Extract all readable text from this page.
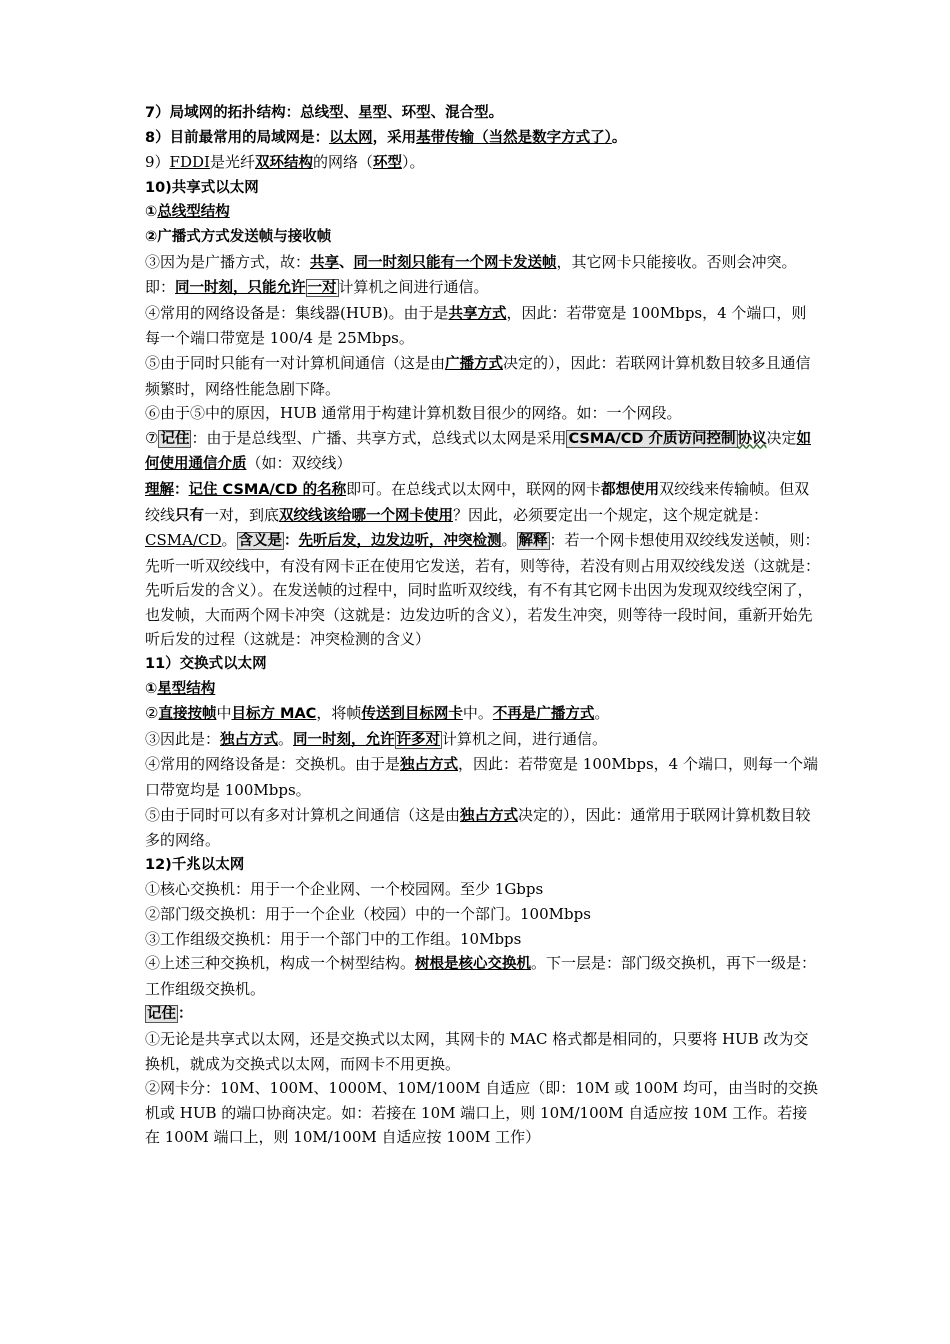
7）局域网的拓扑结构：总线型、星型、环型、混合型。

8）目前最常用的局域网是：以太网，采用基带传输（当然是数字方式了）。

9）FDDI是光纤双环结构的网络（环型）。

10)共享式以太网

①总线型结构

②广播式方式发送帧与接收帧

③因为是广播方式，故：共享、同一时刻只能有一个网卡发送帧，其它网卡只能接收。否则会冲突。即：同一时刻，只能允许 一对 计算机之间进行通信。

④常用的网络设备是：集线器(HUB)。由于是共享方式，因此：若带宽是 100Mbps，4 个端口，则每一个端口带宽是 100/4 是 25Mbps。

⑤由于同时只能有一对计算机间通信（这是由广播方式决定的），因此：若联网计算机数目较多且通信频繁时，网络性能急剧下降。

⑥由于⑤中的原因，HUB 通常用于构建计算机数目很少的网络。如：一个网段。

⑦ 记住 ：由于是总线型、广播、共享方式，总线式以太网是采用 CSMA/CD 介质访问控制 协议决定如何使用通信介质（如：双绞线）

理解：记住 CSMA/CD 的名称即可。在总线式以太网中，联网的网卡都想使用双绞线来传输帧。但双绞线只有一对，到底双绞线该给哪一个网卡使用？因此，必须要定出一个规定，这个规定就是：CSMA/CD。 含义是 ：先听后发，边发边听，冲突检测。 解释 ：若一个网卡想使用双绞线发送帧，则：先听一听双绞线中，有没有网卡正在使用它发送，若有，则等待，若没有则占用双绞线发送（这就是：先听后发的含义）。在发送帧的过程中，同时监听双绞线，有不有其它网卡出因为发现双绞线空闲了，也发帧，大而两个网卡冲突（这就是：边发边听的含义），若发生冲突，则等待一段时间，重新开始先听后发的过程（这就是：冲突检测的含义）

11）交换式以太网

①星型结构

②直接按帧中目标方 MAC，将帧传送到目标网卡中。不再是广播方式。

③因此是：独占方式。同一时刻，允许 许多对 计算机之间，进行通信。

④常用的网络设备是：交换机。由于是独占方式，因此：若带宽是 100Mbps，4 个端口，则每一个端口带宽均是 100Mbps。

⑤由于同时可以有多对计算机之间通信（这是由独占方式决定的），因此：通常用于联网计算机数目较多的网络。

12)千兆以太网

①核心交换机：用于一个企业网、一个校园网。至少 1Gbps

②部门级交换机：用于一个企业（校园）中的一个部门。100Mbps

③工作组级交换机：用于一个部门中的工作组。10Mbps

④上述三种交换机，构成一个树型结构。树根是核心交换机。下一层是：部门级交换机，再下一级是：工作组级交换机。

记住 ：

①无论是共享式以太网，还是交换式以太网，其网卡的 MAC 格式都是相同的，只要将 HUB 改为交换机，就成为交换式以太网，而网卡不用更换。

②网卡分：10M、100M、1000M、10M/100M 自适应（即：10M 或 100M 均可，由当时的交换机或 HUB 的端口协商决定。如：若接在 10M 端口上，则 10M/100M 自适应按 10M 工作。若接在 100M 端口上，则 10M/100M 自适应按 100M 工作）
